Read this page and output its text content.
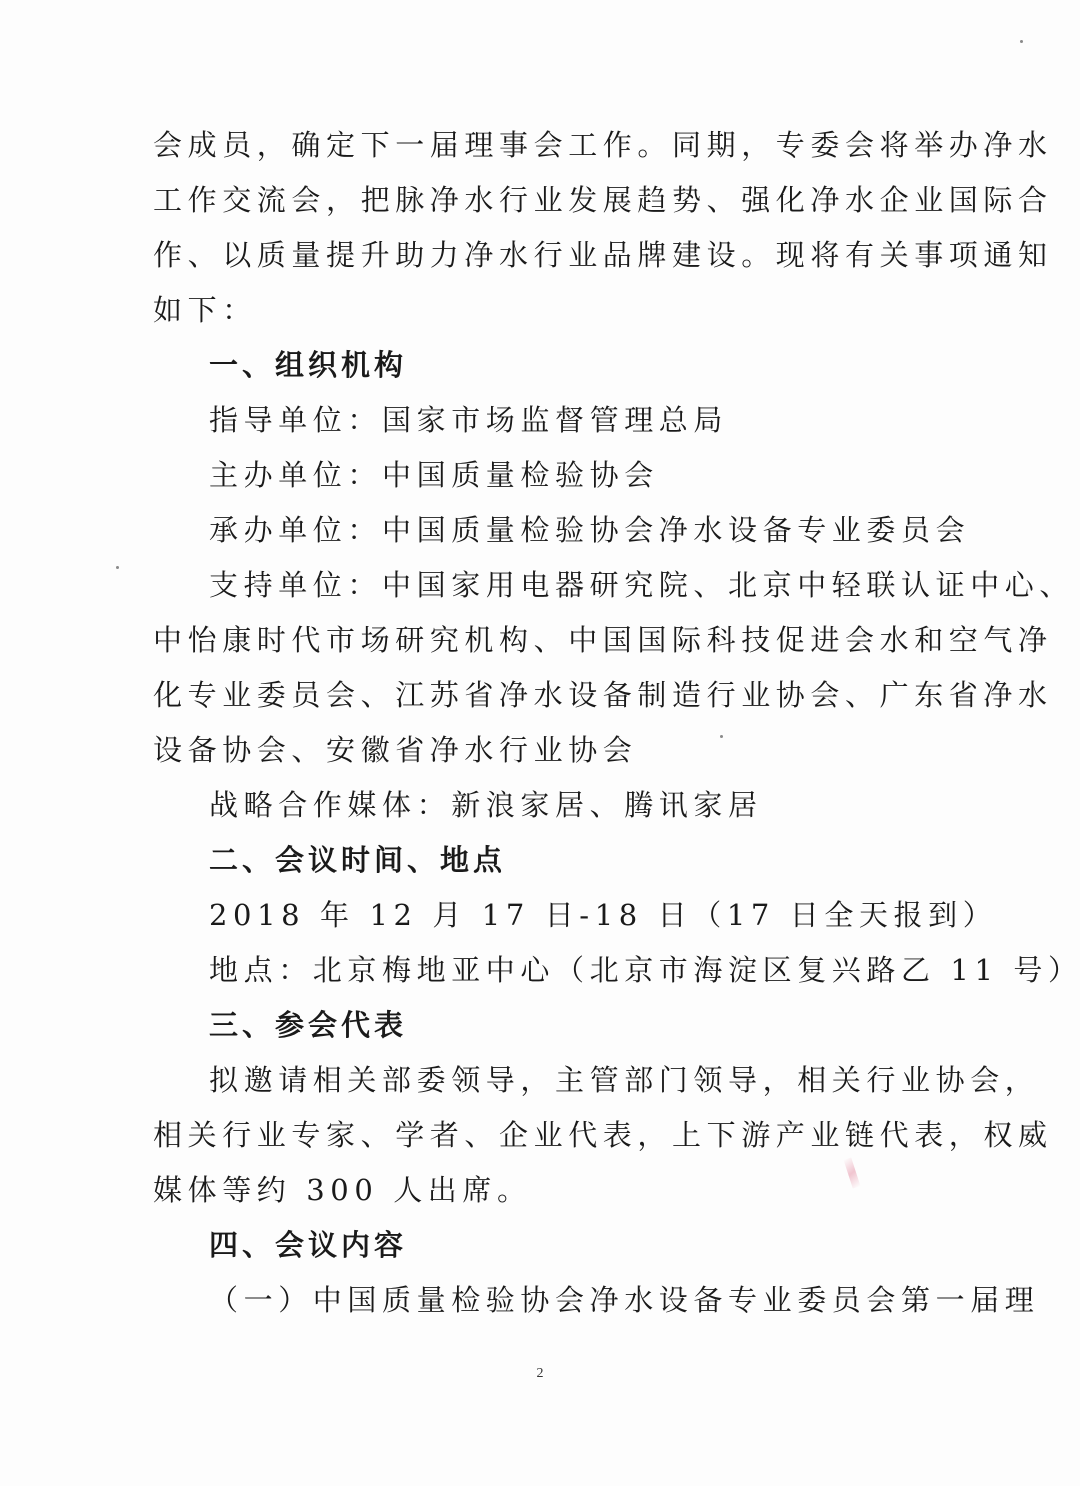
会成员，确定下一届理事会工作。同期，专委会将举办净水
工作交流会，把脉净水行业发展趋势、强化净水企业国际合
作、以质量提升助力净水行业品牌建设。现将有关事项通知
如下：
一、组织机构
指导单位：国家市场监督管理总局
主办单位：中国质量检验协会
承办单位：中国质量检验协会净水设备专业委员会
支持单位：中国家用电器研究院、北京中轻联认证中心、
中怡康时代市场研究机构、中国国际科技促进会水和空气净
化专业委员会、江苏省净水设备制造行业协会、广东省净水
设备协会、安徽省净水行业协会
战略合作媒体：新浪家居、腾讯家居
二、会议时间、地点
2018 年 12 月 17 日-18 日（17 日全天报到）
地点：北京梅地亚中心（北京市海淀区复兴路乙 11 号）
三、参会代表
拟邀请相关部委领导，主管部门领导，相关行业协会，
相关行业专家、学者、企业代表，上下游产业链代表，权威
媒体等约 300 人出席。
四、会议内容
（一）中国质量检验协会净水设备专业委员会第一届理
2
